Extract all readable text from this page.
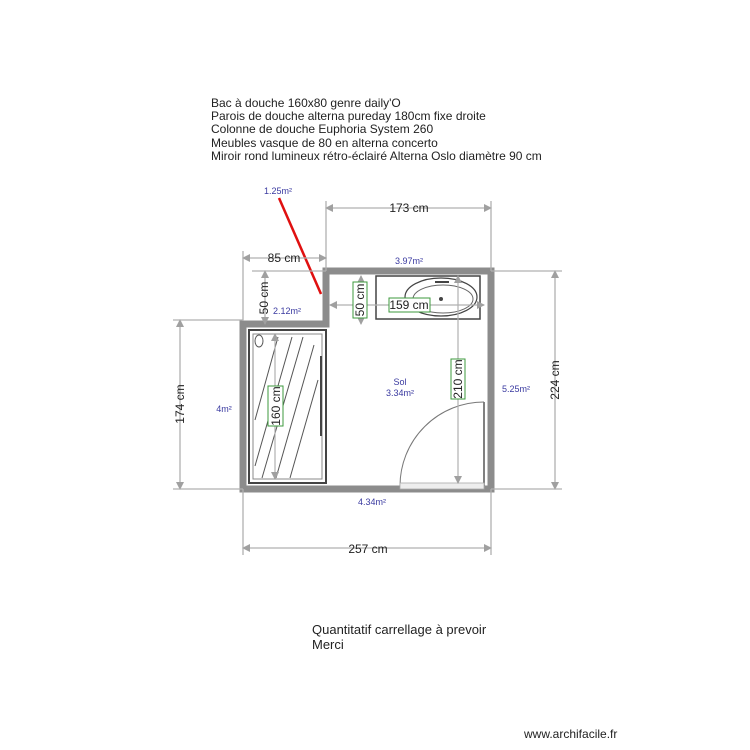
Bac à douche 160x80 genre daily'O
Parois de douche alterna pureday 180cm fixe droite
Colonne de douche Euphoria System 260
Meubles vasque de 80 en alterna concerto
Miroir rond lumineux rétro-éclairé Alterna Oslo diamètre 90 cm
173 cm
85 cm
50 cm
257 cm
174 cm
224 cm
50 cm 159 cm
160 cm
210 cm
1.25m²
3.97m²
2.12m²
4m²
5.25m²
4.34m²
Sol
3.34m²
Quantitatif carrellage à prevoir
Merci
www.archifacile.fr
